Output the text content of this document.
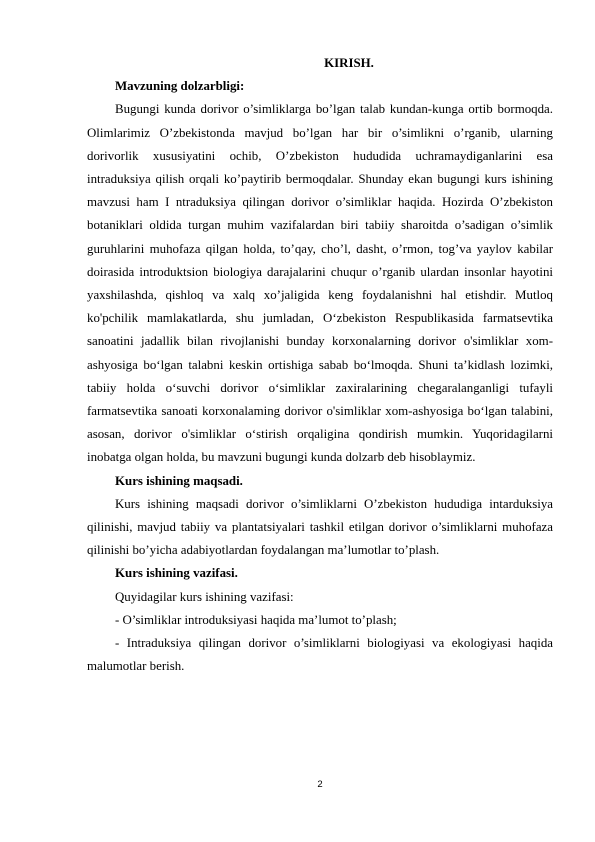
KIRISH.

Mavzuning dolzarbligi:

Bugungi kunda dorivor o’simliklarga bo’lgan talab kundan-kunga ortib bormoqda. Olimlarimiz O’zbekistonda mavjud bo’lgan har bir o’simlikni o’rganib, ularning dorivorlik xususiyatini ochib, O’zbekiston hududida uchramaydiganlarini esa intraduksiya qilish orqali ko’paytirib bermoqdalar. Shunday ekan bugungi kurs ishining mavzusi ham I ntraduksiya qilingan dorivor o’simliklar haqida. Hozirda O’zbekiston botaniklari oldida turgan muhim vazifalardan biri tabiiy sharoitda o’sadigan o’simlik guruhlarini muhofaza qilgan holda, to’qay, cho’l, dasht, o’rmon, tog’va yaylov kabilar doirasida introduktsion biologiya darajalarini chuqur o’rganib ulardan insonlar hayotini yaxshilashda, qishloq va xalq xo’jaligida keng foydalanishni hal etishdir. Mutloq ko'pchilik mamlakatlarda, shu jumladan, O‘zbekiston Respublikasida farmatsevtika sanoatini jadallik bilan rivojlanishi bunday korxonalarning dorivor o'simliklar xom-ashyosiga bo‘lgan talabni keskin ortishiga sabab bo‘lmoqda. Shuni ta’kidlash lozimki, tabiiy holda o‘suvchi dorivor o‘simliklar zaxiralarining chegaralanganligi tufayli farmatsevtika sanoati korxonalaming dorivor o'simliklar xom-ashyosiga bo‘lgan talabini, asosan, dorivor o'simliklar o‘stirish orqaligina qondirish mumkin. Yuqoridagilarni inobatga olgan holda, bu mavzuni bugungi kunda dolzarb deb hisoblaymiz.

Kurs ishining maqsadi.

Kurs ishining maqsadi dorivor o’simliklarni O’zbekiston hududiga intarduksiya qilinishi, mavjud tabiiy va plantatsiyalari tashkil etilgan dorivor o’simliklarni muhofaza qilinishi bo’yicha adabiyotlardan foydalangan ma’lumotlar to’plash.

Kurs ishining vazifasi.

Quyidagilar kurs ishining vazifasi:

- O’simliklar introduksiyasi haqida ma’lumot to’plash;

- Intraduksiya qilingan dorivor o’simliklarni biologiyasi va ekologiyasi haqida malumotlar berish.

2
